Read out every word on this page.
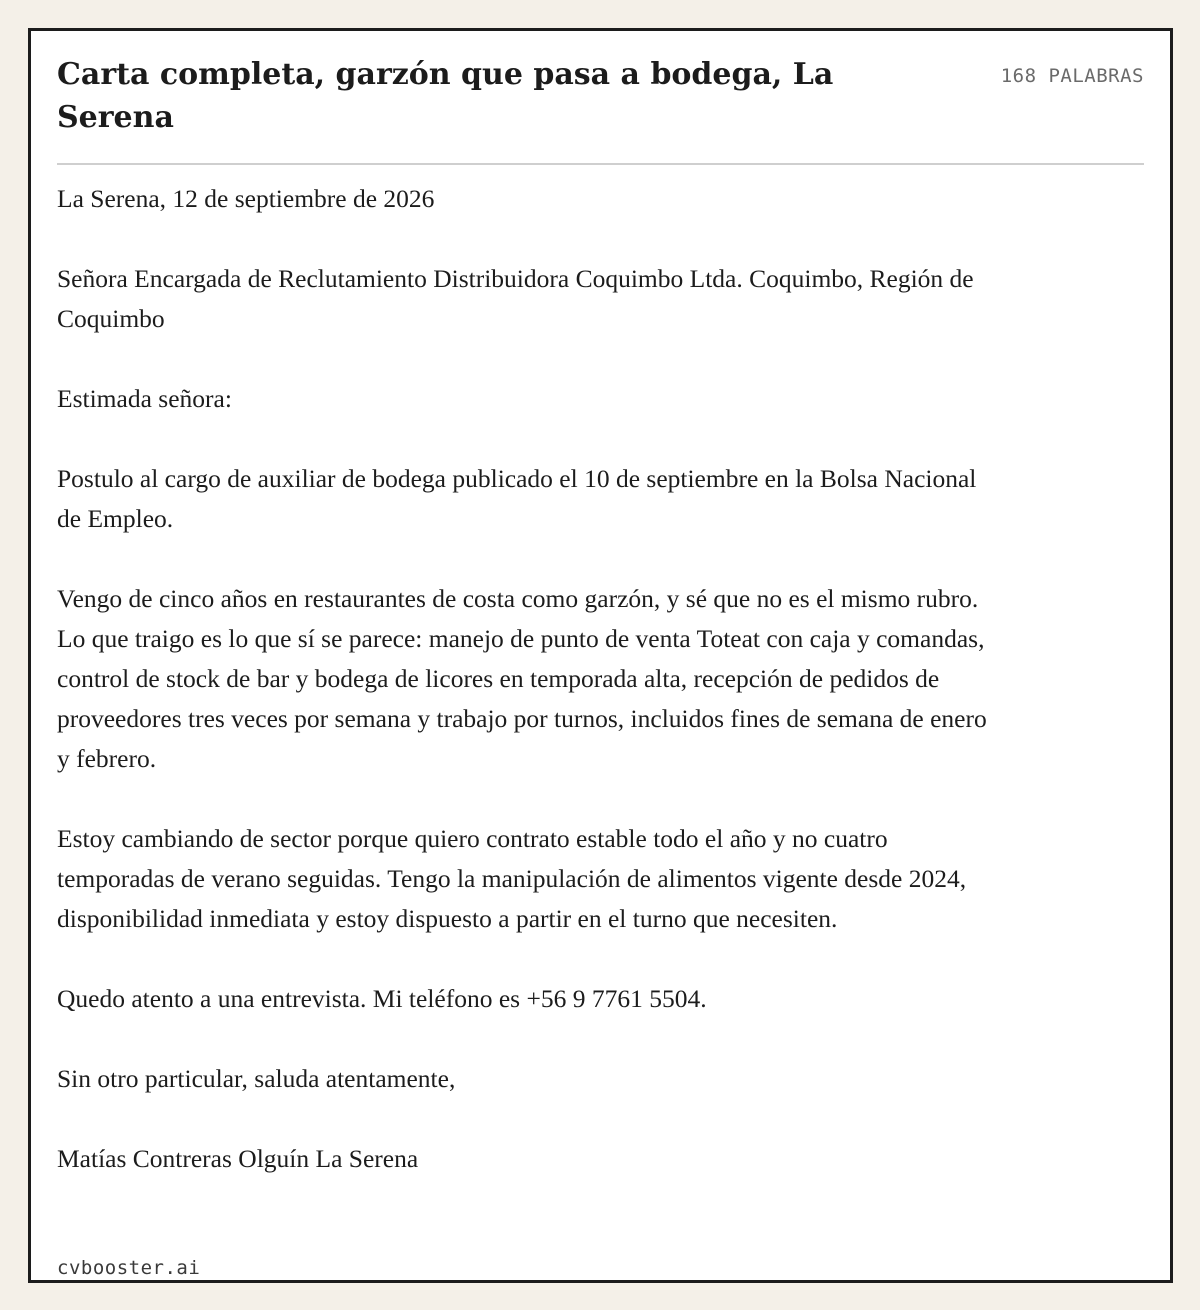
Carta completa, garzón que pasa a bodega, La Serena
168 PALABRAS

La Serena, 12 de septiembre de 2026

Señora Encargada de Reclutamiento Distribuidora Coquimbo Ltda. Coquimbo, Región de Coquimbo

Estimada señora:

Postulo al cargo de auxiliar de bodega publicado el 10 de septiembre en la Bolsa Nacional de Empleo.

Vengo de cinco años en restaurantes de costa como garzón, y sé que no es el mismo rubro. Lo que traigo es lo que sí se parece: manejo de punto de venta Toteat con caja y comandas, control de stock de bar y bodega de licores en temporada alta, recepción de pedidos de proveedores tres veces por semana y trabajo por turnos, incluidos fines de semana de enero y febrero.

Estoy cambiando de sector porque quiero contrato estable todo el año y no cuatro temporadas de verano seguidas. Tengo la manipulación de alimentos vigente desde 2024, disponibilidad inmediata y estoy dispuesto a partir en el turno que necesiten.

Quedo atento a una entrevista. Mi teléfono es +56 9 7761 5504.

Sin otro particular, saluda atentamente,

Matías Contreras Olguín La Serena

cvbooster.ai
